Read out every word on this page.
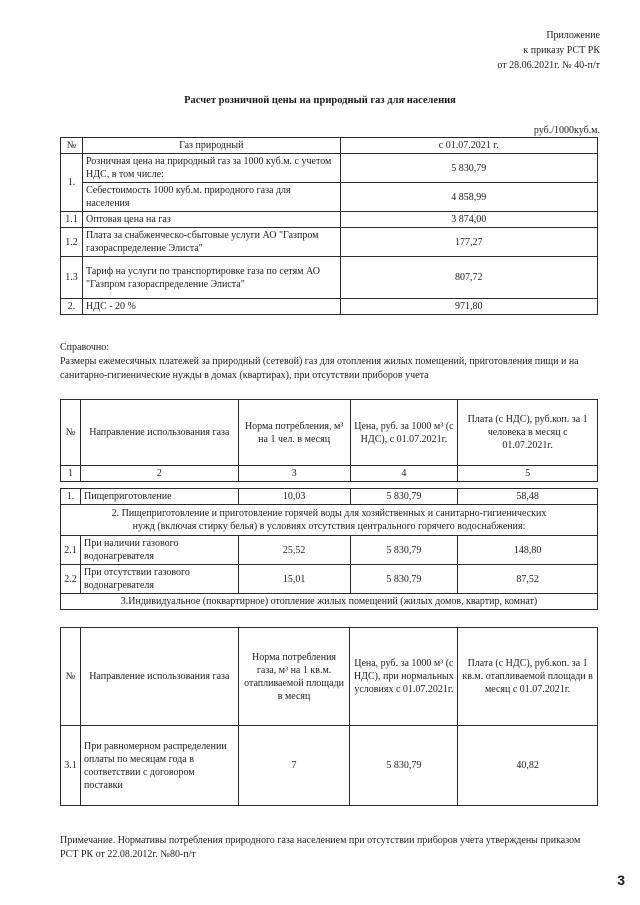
Приложение
к приказу РСТ РК
от 28.06.2021г. № 40-п/т
Расчет розничной цены на природный газ для населения
руб./1000куб.м.
№	Газ природный	с 01.07.2021 г.
1.	Розничная цена на природный газ за 1000 куб.м. с учетом НДС, в том числе:	5 830,79
	Себестоимость 1000 куб.м. природного газа для населения	4 858,99
1.1	Оптовая цена на газ	3 874,00
1.2	Плата за снабженческо-сбытовые услуги АО "Газпром газораспределение Элиста"	177,27
1.3	Тариф на услуги по транспортировке газа по сетям АО "Газпром газораспределение Элиста"	807,72
2.	НДС - 20 %	971,80
Справочно:
Размеры ежемесячных платежей за природный (сетевой) газ для отопления жилых помещений, приготовления пищи и на санитарно-гигиенические нужды в домах (квартирах), при отсутствии приборов учета
№	Направление использования газа	Норма потребления, м³ на 1 чел. в месяц	Цена, руб. за 1000 м³ (с НДС), с 01.07.2021г.	Плата (с НДС), руб.коп. за 1 человека в месяц с 01.07.2021г.
1	2	3	4	5

1.	Пищеприготовление	10,03	5 830,79	58,48
2. Пищеприготовление и приготовление горячей воды для хозяйственных и санитарно-гигиенических нужд (включая стирку белья) в условиях отсутствия центрального горячего водоснабжения:				
2.1	При наличии газового водонагревателя	25,52	5 830,79	148,80
2.2	При отсутствии газового водонагревателя	15,01	5 830,79	87,52
3.Индивидуальное (поквартирное) отопление жилых помещений (жилых домов, квартир, комнат)				
№	Направление использования газа	Норма потребления газа, м³ на 1 кв.м. отапливаемой площади в месяц	Цена, руб. за 1000 м³ (с НДС), при нормальных условиях с 01.07.2021г.	Плата (с НДС), руб.коп. за 1 кв.м. отапливаемой площади в месяц с 01.07.2021г.
3.1	При равномерном распределении оплаты по месяцам года в соответствии с договором поставки	7	5 830,79	40,82
Примечание. Нормативы потребления природного газа населением при отсутствии приборов учета утверждены приказом РСТ РК от 22.08.2012г. №80-п/т
3
